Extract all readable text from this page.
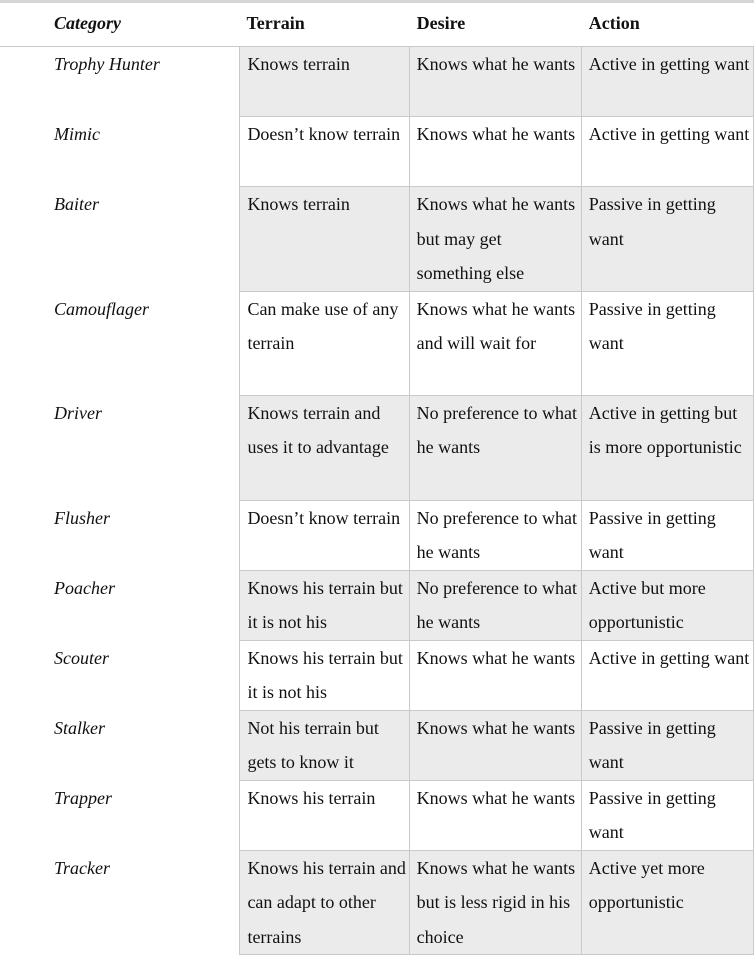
Category	Terrain	Desire	Action
Trophy Hunter	Knows terrain	Knows what he wants	Active in getting want
Mimic	Doesn’t know terrain	Knows what he wants	Active in getting want
Baiter	Knows terrain	Knows what he wants but may get something else	Passive in getting want
Camouflager	Can make use of any terrain	Knows what he wants and will wait for	Passive in getting want
Driver	Knows terrain and uses it to advantage	No preference to what he wants	Active in getting but is more opportunistic
Flusher	Doesn’t know terrain	No preference to what he wants	Passive in getting want
Poacher	Knows his terrain but it is not his	No preference to what he wants	Active but more opportunistic
Scouter	Knows his terrain but it is not his	Knows what he wants	Active in getting want
Stalker	Not his terrain but gets to know it	Knows what he wants	Passive in getting want
Trapper	Knows his terrain	Knows what he wants	Passive in getting want
Tracker	Knows his terrain and can adapt to other terrains	Knows what he wants but is less rigid in his choice	Active yet more opportunistic
